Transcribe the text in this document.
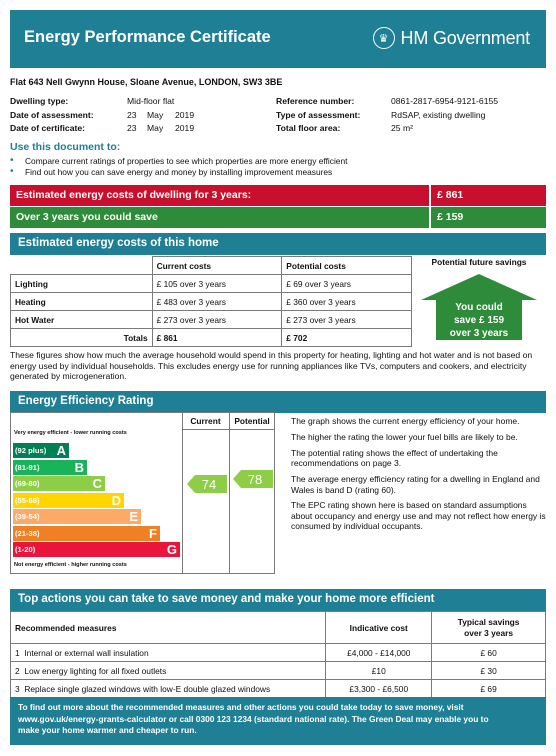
Energy Performance Certificate	♛ HM Government
Flat 643 Nell Gwynn House, Sloane Avenue, LONDON, SW3 3BE
Dwelling type:	Mid-floor flat	Reference number:	0861-2817-6954-9121-6155
Date of assessment:	23 May 2019	Type of assessment:	RdSAP, existing dwelling
Date of certificate:	23 May 2019	Total floor area:	25 m²
Use this document to:
• Compare current ratings of properties to see which properties are more energy efficient
• Find out how you can save energy and money by installing improvement measures
Estimated energy costs of dwelling for 3 years:	£ 861
Over 3 years you could save	£ 159
Estimated energy costs of this home
	Current costs	Potential costs
Lighting	£ 105 over 3 years	£ 69 over 3 years
Heating	£ 483 over 3 years	£ 360 over 3 years
Hot Water	£ 273 over 3 years	£ 273 over 3 years
Totals	£ 861	£ 702
Potential future savings
You could
save £ 159
over 3 years
These figures show how much the average household would spend in this property for heating, lighting and hot water and is not based on energy used by individual households. This excludes energy use for running appliances like TVs, computers and cookers, and electricity generated by microgeneration.
Energy Efficiency Rating
Current	Potential
Very energy efficient - lower running costs
(92 plus) A
(81-91)	B
(69-80)	C
(55-68)	D
(39-54)	E
(21-38)	F
(1-20)	G
Not energy efficient - higher running costs
74 78

The graph shows the current energy efficiency of your home.

The higher the rating the lower your fuel bills are likely to be.

The potential rating shows the effect of undertaking the recommendations on page 3.

The average energy efficiency rating for a dwelling in England and Wales is band D (rating 60).

The EPC rating shown here is based on standard assumptions about occupancy and energy use and may not reflect how energy is consumed by individual occupants.

Top actions you can take to save money and make your home more efficient
Recommended measures	Indicative cost	Typical savings
over 3 years
1 Internal or external wall insulation	£4,000 - £14,000	£ 60
2 Low energy lighting for all fixed outlets	£10	£ 30
3 Replace single glazed windows with low-E double glazed windows	£3,300 - £6,500	£ 69
To find out more about the recommended measures and other actions you could take today to save money, visit
www.gov.uk/energy-grants-calculator or call 0300 123 1234 (standard national rate). The Green Deal may enable you to
make your home warmer and cheaper to run.
